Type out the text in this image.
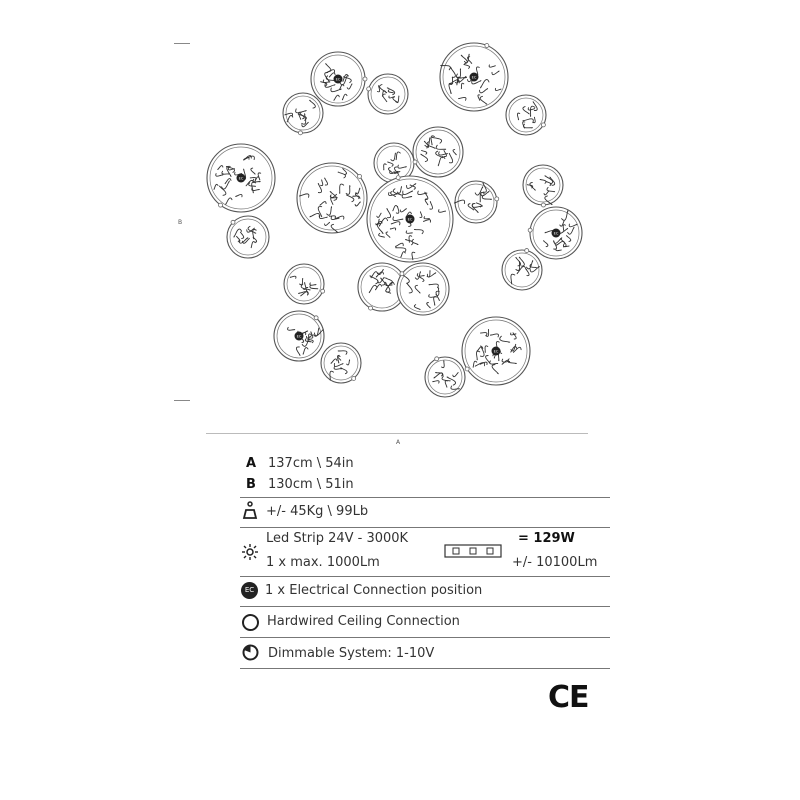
EC	EC
EC
EC
EC
EC
EC
B
A
A 137cm \ 54in
B 130cm \ 51in
+/- 45Kg \ 99Lb
Led Strip 24V - 3000K
1 x max. 1000Lm
= 129W
+/- 10100Lm
EC 1 x Electrical Connection position
Hardwired Ceiling Connection
Dimmable System: 1-10V
CE
